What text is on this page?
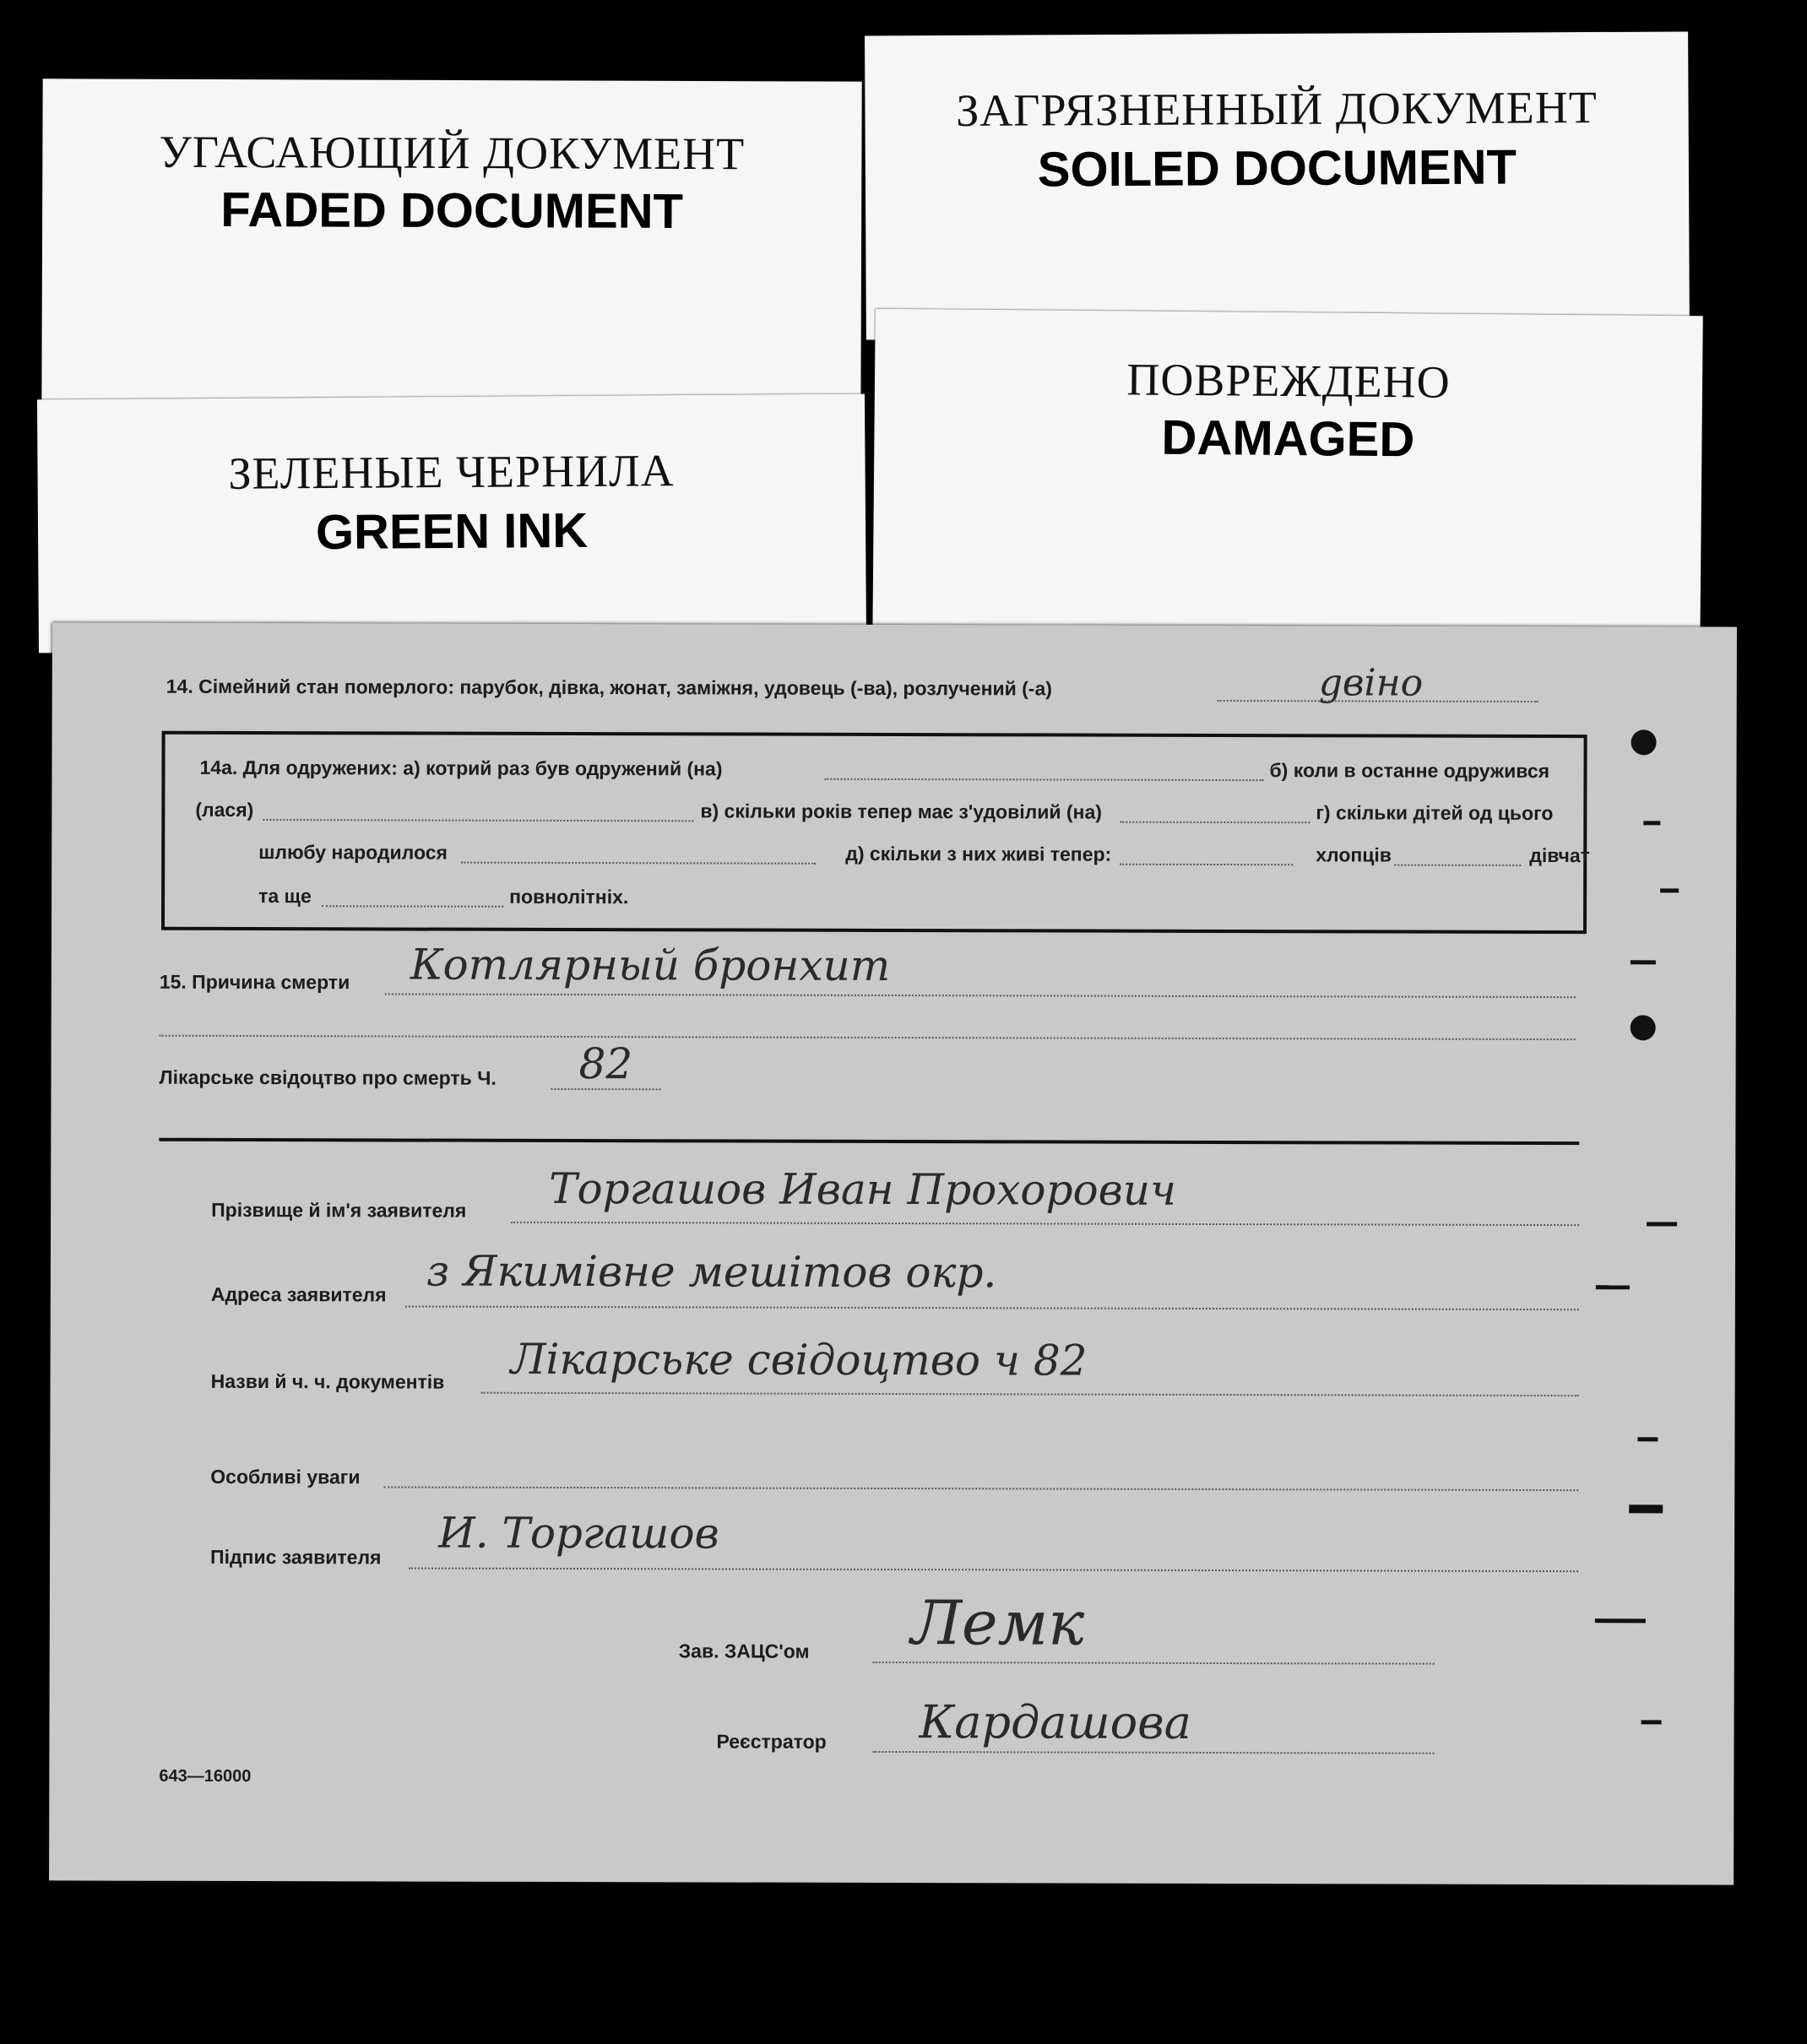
УГАСАЮЩИЙ ДОКУМЕНТ
FADED DOCUMENT
ЗАГРЯЗНЕННЫЙ ДОКУМЕНТ
SOILED DOCUMENT
ЗЕЛЕНЫЕ ЧЕРНИЛА
GREEN INK
ПОВРЕЖДЕНО
DAMAGED
14. Сімейний стан померлого: парубок, дівка, жонат, заміжня, удовець (-ва), розлучений (-а)	gвіно
14а. Для одружених: а) котрий раз був одружений (на)	б) коли в останне одружився
(лася)	в) скільки років тепер має з'удовілий (на)	г) скільки дітей од цього
шлюбу народилося	д) скільки з них живі тепер:	хлопців	дівчат
та ще	повнолітніх.
15. Причина смерти Котлярный бронхит
Лікарське свідоцтво про смерть Ч. 82
Прізвище й ім'я заявителя Торгашов Иван Прохорович
Адреса заявителя з Якимівне мешітов окр.
Назви й ч. ч. документів Лікарське свідоцтво ч 82
Особливі уваги
Підпис заявителя И. Торгашов
Зав. ЗАЦС'ом Лемк
Реєстратор Кардашова
643—16000
